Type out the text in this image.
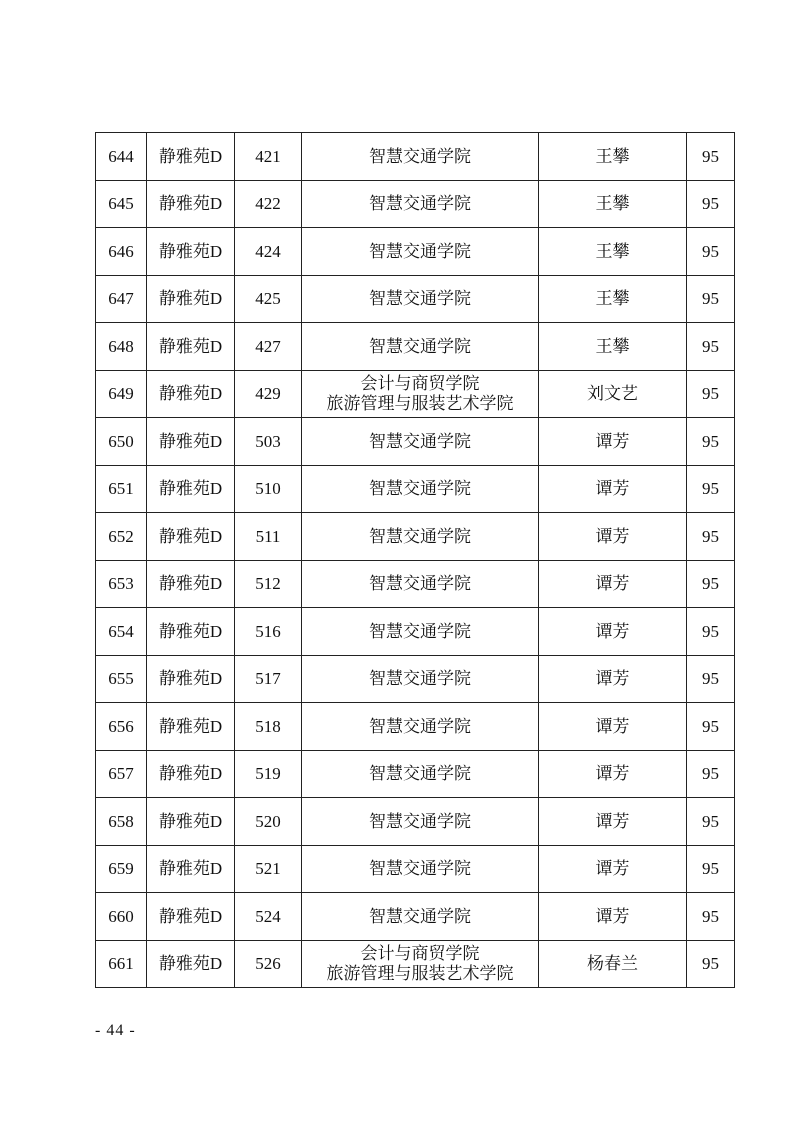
644	静雅苑D	421	智慧交通学院	王攀	95
645	静雅苑D	422	智慧交通学院	王攀	95
646	静雅苑D	424	智慧交通学院	王攀	95
647	静雅苑D	425	智慧交通学院	王攀	95
648	静雅苑D	427	智慧交通学院	王攀	95
649	静雅苑D	429	会计与商贸学院
旅游管理与服装艺术学院	刘文艺	95
650	静雅苑D	503	智慧交通学院	谭芳	95
651	静雅苑D	510	智慧交通学院	谭芳	95
652	静雅苑D	511	智慧交通学院	谭芳	95
653	静雅苑D	512	智慧交通学院	谭芳	95
654	静雅苑D	516	智慧交通学院	谭芳	95
655	静雅苑D	517	智慧交通学院	谭芳	95
656	静雅苑D	518	智慧交通学院	谭芳	95
657	静雅苑D	519	智慧交通学院	谭芳	95
658	静雅苑D	520	智慧交通学院	谭芳	95
659	静雅苑D	521	智慧交通学院	谭芳	95
660	静雅苑D	524	智慧交通学院	谭芳	95
661	静雅苑D	526	会计与商贸学院
旅游管理与服装艺术学院	杨春兰	95
- 44 -
